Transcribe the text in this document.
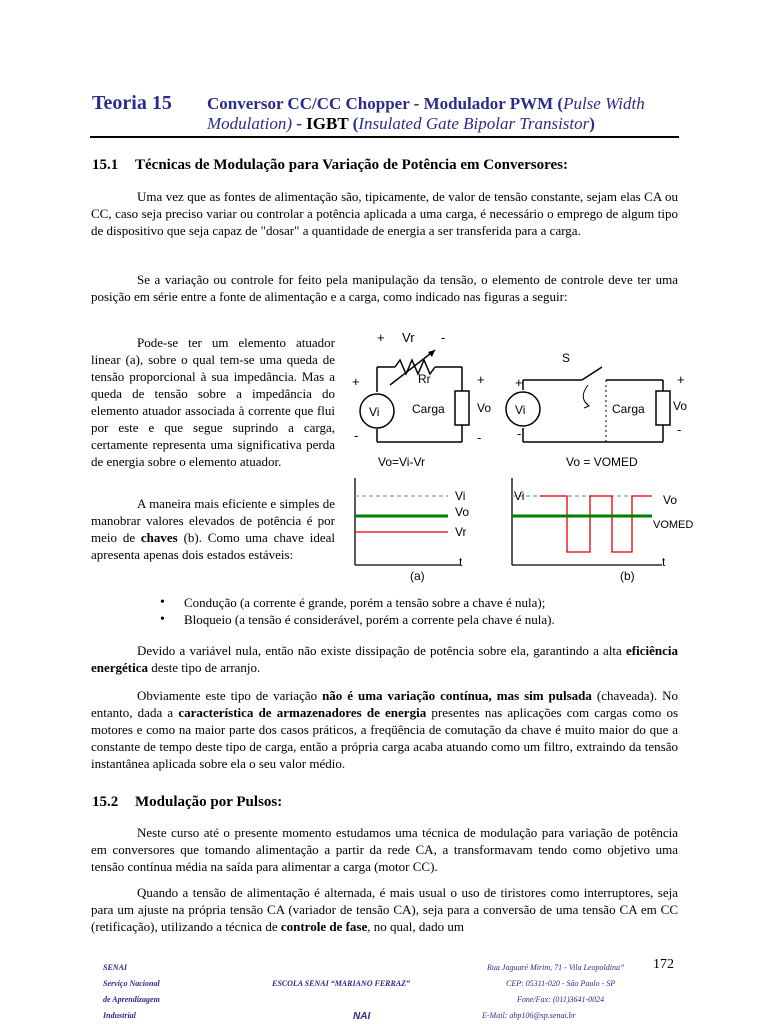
Teoria 15 Conversor CC/CC Chopper - Modulador PWM (Pulse Width Modulation) - IGBT (Insulated Gate Bipolar Transistor)
15.1 Técnicas de Modulação para Variação de Potência em Conversores:

Uma vez que as fontes de alimentação são, tipicamente, de valor de tensão constante, sejam elas CA ou CC, caso seja preciso variar ou controlar a potência aplicada a uma carga, é necessário o emprego de algum tipo de dispositivo que seja capaz de "dosar" a quantidade de energia a ser transferida para a carga.

Se a variação ou controle for feito pela manipulação da tensão, o elemento de controle deve ter uma posição em série entre a fonte de alimentação e a carga, como indicado nas figuras a seguir:

Pode-se ter um elemento atuador linear (a), sobre o qual tem-se uma queda de tensão proporcional à sua impedância. Mas a queda de tensão sobre a impedância do elemento atuador associada à corrente que flui por este e que segue suprindo a carga, certamente representa uma significativa perda de energia sobre o elemento atuador.

A maneira mais eficiente e simples de manobrar valores elevados de potência é por meio de chaves (b). Como uma chave ideal apresenta apenas dois estados estáveis:

+ Vr -
Rr
+
Vi
-
Carga
+
Vo
-
Vo=Vi-Vr
S
+
Vi
-
Carga
+
Vo
-
Vo = VOMED
Vi
Vo
Vr
t
(a)
Vi	Vo
VOMED
t
(b)
• Condução (a corrente é grande, porém a tensão sobre a chave é nula);
• Bloqueio (a tensão é considerável, porém a corrente pela chave é nula).

Devido a variável nula, então não existe dissipação de potência sobre ela, garantindo a alta eficiência energética deste tipo de arranjo.

Obviamente este tipo de variação não é uma variação contínua, mas sim pulsada (chaveada). No entanto, dada a característica de armazenadores de energia presentes nas aplicações com cargas como os motores e como na maior parte dos casos práticos, a freqüência de comutação da chave é muito maior do que a constante de tempo deste tipo de carga, então a própria carga acaba atuando como um filtro, extraindo da tensão instantânea aplicada sobre ela o seu valor médio.

15.2 Modulação por Pulsos:

Neste curso até o presente momento estudamos uma técnica de modulação para variação de potência em conversores que tomando alimentação a partir da rede CA, a transformavam tendo como objetivo uma tensão contínua média na saída para alimentar a carga (motor CC).

Quando a tensão de alimentação é alternada, é mais usual o uso de tiristores como interruptores, seja para um ajuste na própria tensão CA (variador de tensão CA), seja para a conversão de uma tensão CA em CC (retificação), utilizando a técnica de controle de fase, no qual, dado um

SENAI
Serviço Nacional
de Aprendizagem
Industrial
ESCOLA SENAI “MARIANO FERRAZ”
NAI
Rua Jaguaré Mirim, 71 - Vila Leopoldina”
CEP: 05311-020 - São Paulo - SP
Fone/Fax: (011)3641-0024
E-Mail: abp106@sp.senai.br
172
